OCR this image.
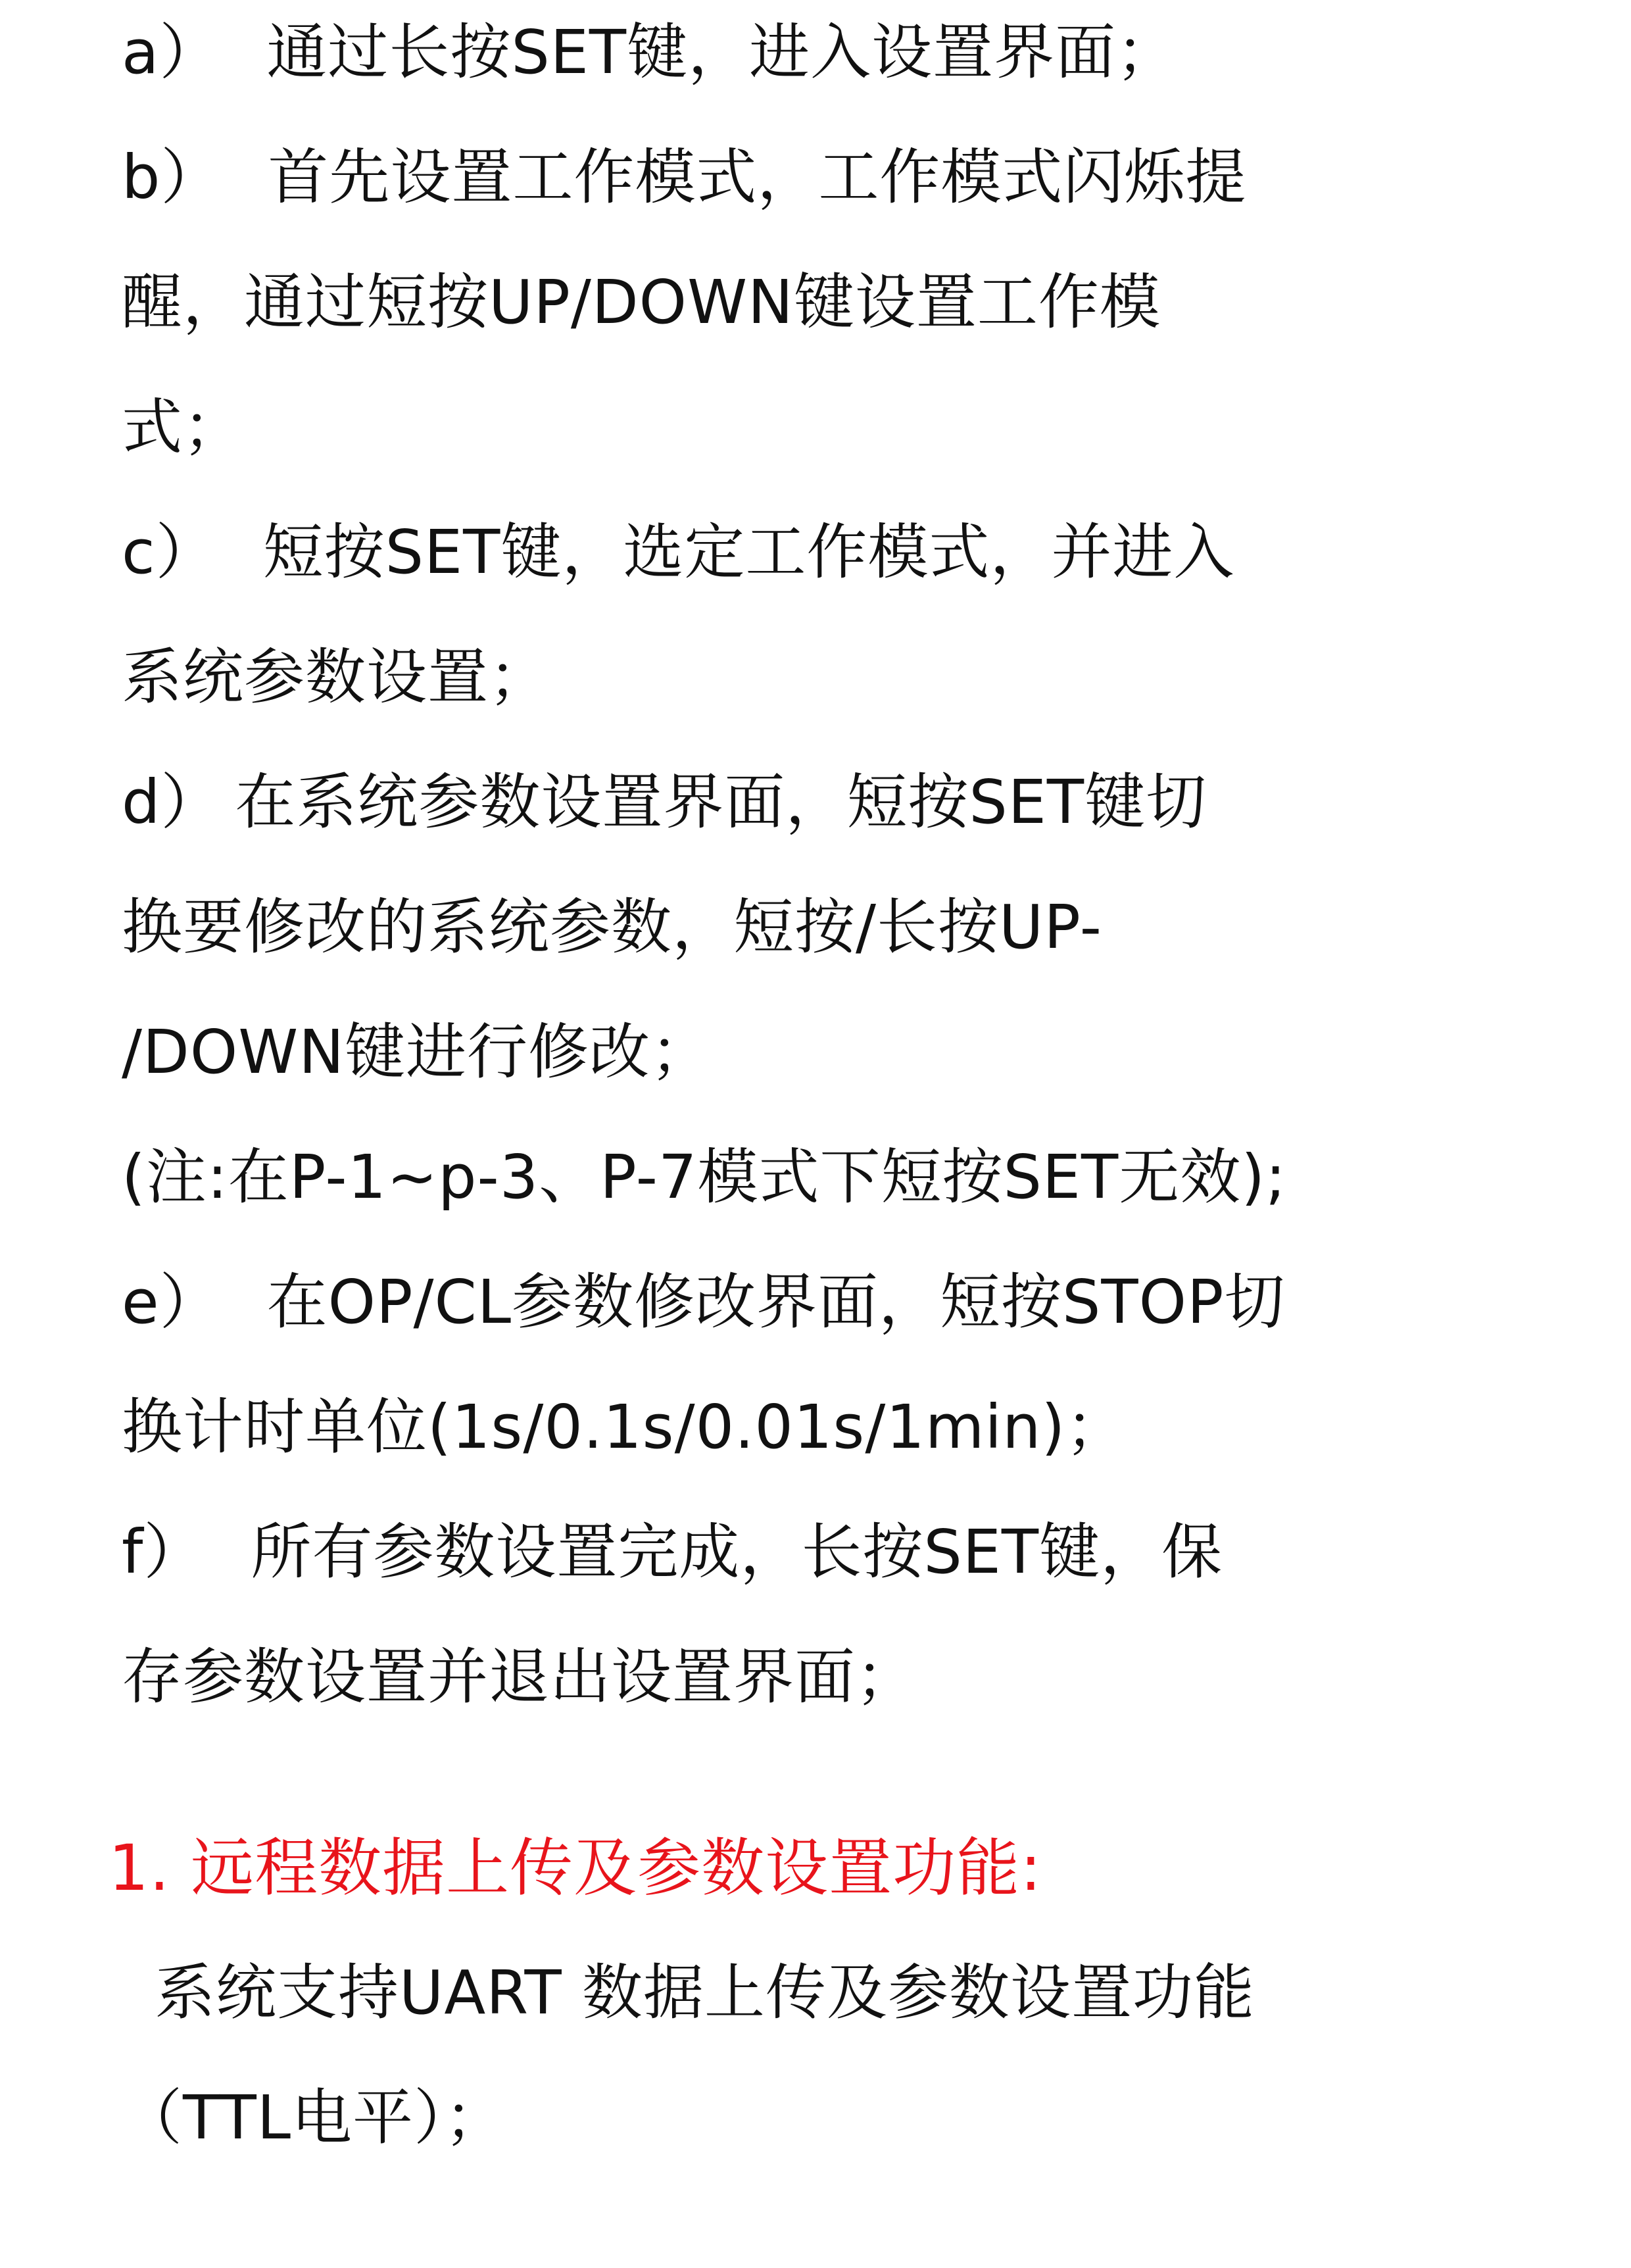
a） 通过长按SET键，进入设置界面；
b） 首先设置工作模式，工作模式闪烁提
醒，通过短按UP/DOWN键设置工作模
式；
c） 短按SET键，选定工作模式，并进入
系统参数设置；
d） 在系统参数设置界面，短按SET键切
换要修改的系统参数，短按/长按UP-
/DOWN键进行修改；
(注:在P-1~p-3、P-7模式下短按SET无效);
e） 在OP/CL参数修改界面，短按STOP切
换计时单位(1s/0.1s/0.01s/1min)；
f） 所有参数设置完成，长按SET键，保
存参数设置并退出设置界面；
1. 远程数据上传及参数设置功能:
系统支持UART 数据上传及参数设置功能
（TTL电平）；
